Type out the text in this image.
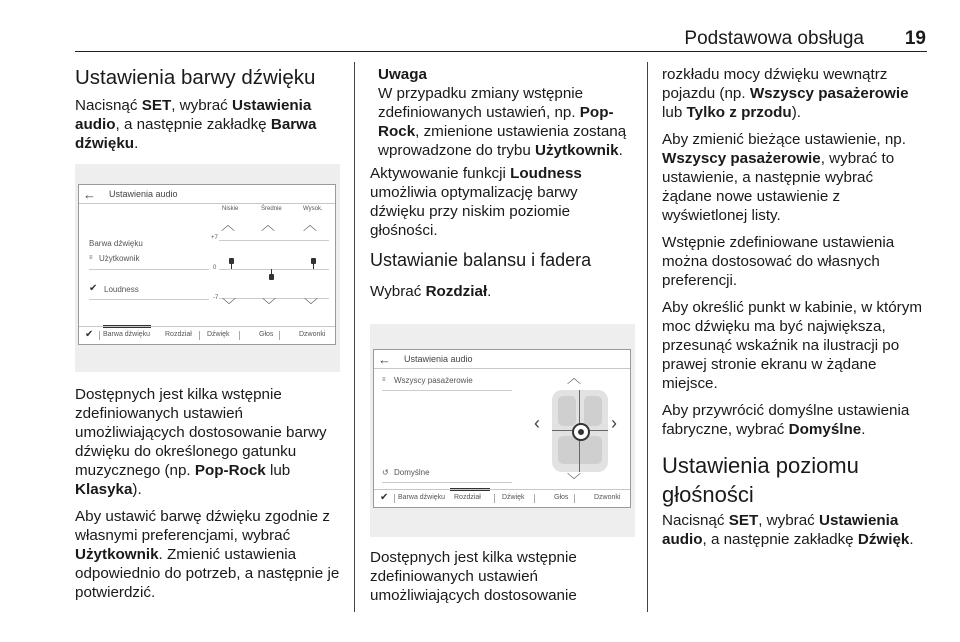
Podstawowa obsługa 19
Ustawienia barwy dźwięku

Nacisnąć SET, wybrać Ustawienia audio, a następnie zakładkę Barwa dźwięku.

← Ustawienia audio
Barwa dźwięku
≡ Użytkownik
✔ Loudness
Niskie	Średnie	Wysok.
︿ ︿ ︿
+7
0
-7 ﹀ ﹀ ﹀
✔ Barwa dźwięku Rozdział Dźwięk	Głos	Dzwonki

Dostępnych jest kilka wstępnie zdefiniowanych ustawień umożliwiających dostosowanie barwy dźwięku do określonego gatunku muzycznego (np. Pop-Rock lub Klasyka).

Aby ustawić barwę dźwięku zgodnie z własnymi preferencjami, wybrać Użytkownik. Zmienić ustawienia odpowiednio do potrzeb, a następnie je potwierdzić.

Uwaga
W przypadku zmiany wstępnie zdefiniowanych ustawień, np. Pop-Rock, zmienione ustawienia zostaną wprowadzone do trybu Użytkownik.

Aktywowanie funkcji Loudness umożliwia optymalizację barwy dźwięku przy niskim poziomie głośności.

Ustawianie balansu i fadera

Wybrać Rozdział.

← Ustawienia audio
≡ Wszyscy pasażerowie
↺ Domyślne
︿
‹	›
﹀
✔ Barwa dźwięku Rozdział	Dźwięk	Głos	Dzwonki

Dostępnych jest kilka wstępnie zdefiniowanych ustawień umożliwiających dostosowanie

rozkładu mocy dźwięku wewnątrz pojazdu (np. Wszyscy pasażerowie lub Tylko z przodu).

Aby zmienić bieżące ustawienie, np. Wszyscy pasażerowie, wybrać to ustawienie, a następnie wybrać żądane nowe ustawienie z wyświetlonej listy.

Wstępnie zdefiniowane ustawienia można dostosować do własnych preferencji.

Aby określić punkt w kabinie, w którym moc dźwięku ma być największa, przesunąć wskaźnik na ilustracji po prawej stronie ekranu w żądane miejsce.

Aby przywrócić domyślne ustawienia fabryczne, wybrać Domyślne.

Ustawienia poziomu głośności

Nacisnąć SET, wybrać Ustawienia audio, a następnie zakładkę Dźwięk.
